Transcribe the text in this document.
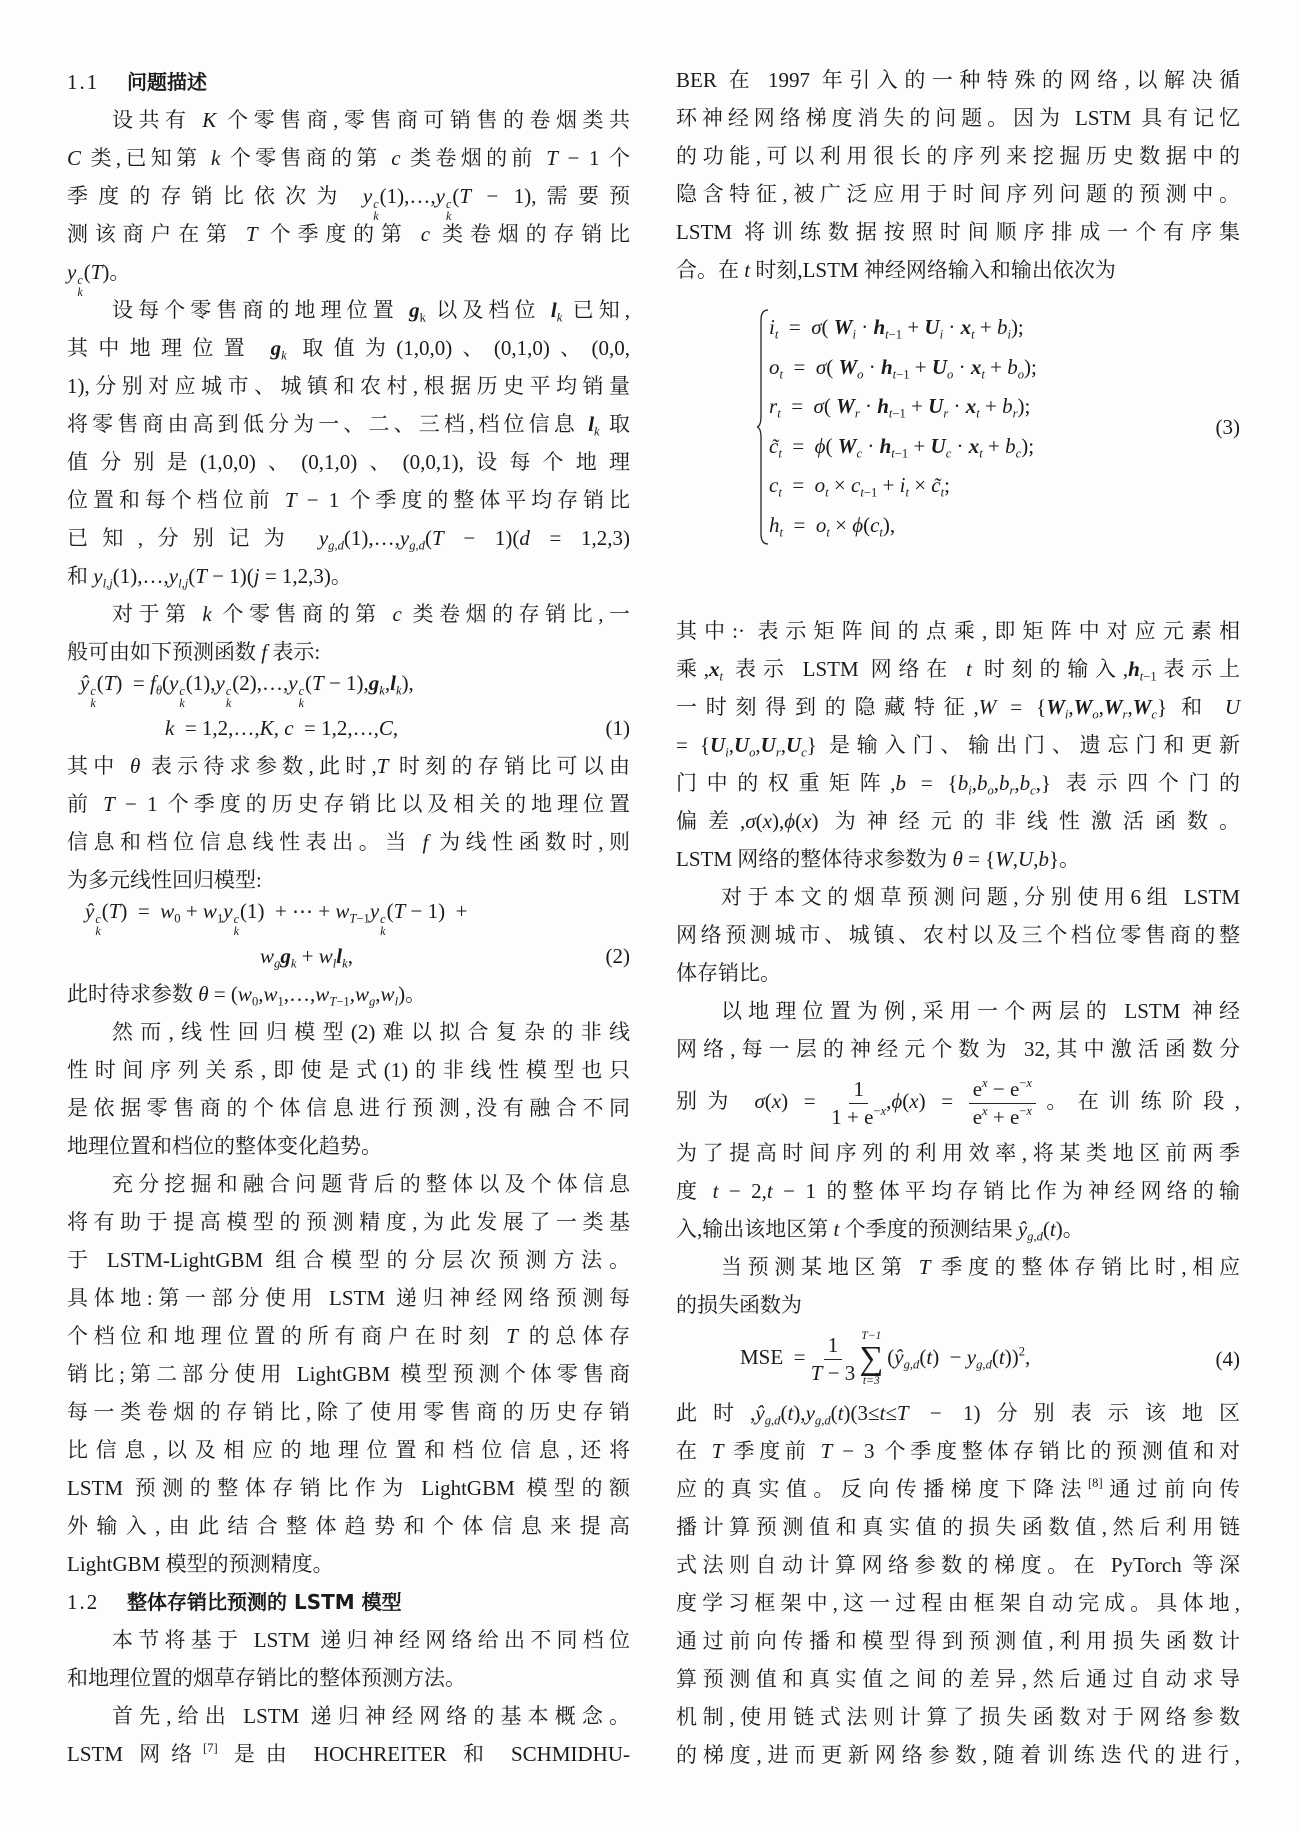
1.1 问题描述
设共有 K 个零售商,零售商可销售的卷烟类共
C 类,已知第 k 个零售商的第 c 类卷烟的前 T − 1 个
季度的存销比依次为 y c
k
(1),…,y c
k
(T − 1),需要预
测该商户在第 T 个季度的第 c 类卷烟的存销比
y c
k
(T)。
设每个零售商的地理位置 $g_k$ 以及档位 $l_k$ 已知,
其中地理位置 $g_k$ 取值为(1,0,0)、(0,1,0)、(0,0,
1),分别对应城市、城镇和农村,根据历史平均销量
将零售商由高到低分为一、二、三档,档位信息 $l_k$ 取
值分别是(1,0,0)、(0,1,0)、(0,0,1),设每个地理
位置和每个档位前 T − 1 个季度的整体平均存销比
已知,分别记为 $y_{g,d}(1),\dots,y_{g,d}(T - 1)(d = 1,2,3)$
和 $y_{l,j}(1),\dots,y_{l,j}(T - 1)(j = 1,2,3)$。
对于第 k 个零售商的第 c 类卷烟的存销比,一
般可由如下预测函数 f 表示:
ŷ c
k
$(T) = f_\theta(y$ c
k
(1),y c
k
(2),…,y c
k
$(T - 1),g_k,l_k$),
k  = 1,2,…,K, c  = 1,2,…,C,	(1)
其中 θ 表示待求参数,此时,T 时刻的存销比可以由
前 T − 1 个季度的历史存销比以及相关的地理位置
信息和档位信息线性表出。当 f 为线性函数时,则
为多元线性回归模型:
ŷ c
k
$(T) = w_0 + w_1y$ c
k
(1)  + ⋯ + $w_{T-1}y$ c
k
(T − 1)  +
$w_gg_k + w_ll_k$,	(2)
此时待求参数 $\theta = (w_0,w_1,\dots,w_{T-1},w_g,w_l)$。
然而,线性回归模型(2)难以拟合复杂的非线
性时间序列关系,即使是式(1)的非线性模型也只
是依据零售商的个体信息进行预测,没有融合不同
地理位置和档位的整体变化趋势。
充分挖掘和融合问题背后的整体以及个体信息
将有助于提高模型的预测精度,为此发展了一类基
于 LSTM-LightGBM 组合模型的分层次预测方法。
具体地:第一部分使用 LSTM 递归神经网络预测每
个档位和地理位置的所有商户在时刻 T 的总体存
销比;第二部分使用 LightGBM 模型预测个体零售商
每一类卷烟的存销比,除了使用零售商的历史存销
比信息,以及相应的地理位置和档位信息,还将
LSTM 预测的整体存销比作为 LightGBM 模型的额
外输入,由此结合整体趋势和个体信息来提高
LightGBM 模型的预测精度。
1.2 整体存销比预测的 LSTM 模型
本节将基于 LSTM 递归神经网络给出不同档位
和地理位置的烟草存销比的整体预测方法。
首先,给出 LSTM 递归神经网络的基本概念。
LSTM 网络[7] 是由 HOCHREITER 和 SCHMIDHU-
BER 在 1997 年引入的一种特殊的网络,以解决循
环神经网络梯度消失的问题。因为 LSTM 具有记忆
的功能,可以利用很长的序列来挖掘历史数据中的
隐含特征,被广泛应用于时间序列问题的预测中。
LSTM 将训练数据按照时间顺序排成一个有序集
合。在 t 时刻,LSTM 神经网络输入和输出依次为
$i_t = \sigma$( $W_i \cdot h_{t-1} + U_i \cdot x_t + b_i$);
$o_t = \sigma$( $W_o \cdot h_{t-1} + U_o \cdot x_t + b_o$);
$r_t = \sigma$( $W_r \cdot h_{t-1} + U_r \cdot x_t + b_r$);
$c̃_t = \phi$( $W_c \cdot h_{t-1} + U_c \cdot x_t + b_c$);
$c_t = o_t \times c_{t-1} + i_t$ × $c̃_t$;
$h_t = o_t \times \phi(c_t)$,
(3)
其中:· 表示矩阵间的点乘,即矩阵中对应元素相
乘$,x_t$ 表示 LSTM 网络在 t 时刻的输入$,h_{t-1}$表示上
一时刻得到的隐藏特征$,W = \{W_i,W_o,W_r,W_c\}$ 和 U
= $\{U_i,U_o,U_r,U_c\}$ 是输入门、输出门、遗忘门和更新
门中的权重矩阵$,b = \{b_i,b_o,b_r,b_c,\}$ 表示四个门的
偏差,σ(x),ϕ(x) 为神经元的非线性激活函数。
LSTM 网络的整体待求参数为 θ = {W,U,b}。
对于本文的烟草预测问题,分别使用6组 LSTM
网络预测城市、城镇、农村以及三个档位零售商的整
体存销比。
以地理位置为例,采用一个两层的 LSTM 神经
网络,每一层的神经元个数为 32,其中激活函数分
别为 $\sigma(x) = \frac{1}{1 + e^{-x}} ,\phi(x) = \frac{e^x - e^{-x}}{e^x + e^{-x}}$ 。在训练阶段,
为了提高时间序列的利用效率,将某类地区前两季
度 t − 2,t − 1 的整体平均存销比作为神经网络的输
入,输出该地区第 t 个季度的预测结果 $ŷ_{g,d}(t)$。
当预测某地区第 T 季度的整体存销比时,相应
的损失函数为
MSE  = $\frac{1}{T - 3} T-1$
∑
t=3
$(ŷ_{g,d}(t) - y_{g,d}(t))^2$,	(4)
此时$,ŷ_{g,d}(t),y_{g,d}(t)(3\le t\le T - 1)$分别表示该地区
在 T 季度前 T − 3 个季度整体存销比的预测值和对
应的真实值。反向传播梯度下降法[8]通过前向传
播计算预测值和真实值的损失函数值,然后利用链
式法则自动计算网络参数的梯度。在 PyTorch 等深
度学习框架中,这一过程由框架自动完成。具体地,
通过前向传播和模型得到预测值,利用损失函数计
算预测值和真实值之间的差异,然后通过自动求导
机制,使用链式法则计算了损失函数对于网络参数
的梯度,进而更新网络参数,随着训练迭代的进行,
